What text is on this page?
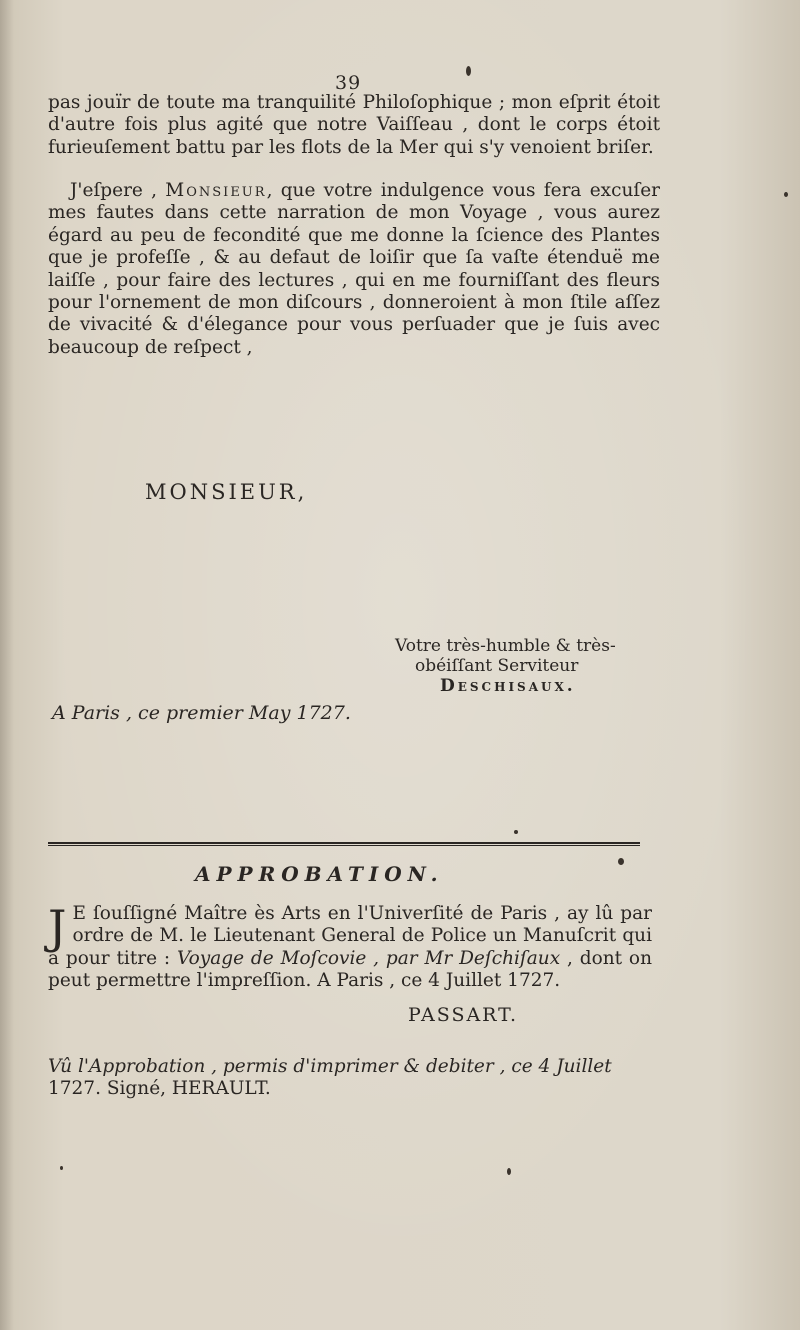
39

pas jouïr de toute ma tranquilité Philoſophique ; mon eſprit étoit d'autre fois plus agité que notre Vaiſſeau , dont le corps étoit furieuſement battu par les flots de la Mer qui s'y venoient briſer.

J'eſpere , Monsieur, que votre indulgence vous fera excuſer mes fautes dans cette narration de mon Voyage , vous aurez égard au peu de fecondité que me donne la ſcience des Plantes que je profeſſe , & au defaut de loiſir que ſa vaſte étenduë me laiſſe , pour faire des lectures , qui en me fourniſſant des fleurs pour l'ornement de mon diſcours , donneroient à mon ſtile aſſez de vivacité & d'élegance pour vous perſuader que je ſuis avec beaucoup de reſpect ,

MONSIEUR,
Votre très-humble & très-
obéiſſant Serviteur
Deschisaux.
A Paris , ce premier May 1727.
APPROBATION.
J E ſouſſigné Maître ès Arts en l'Univerſité de Paris , ay lû par ordre de M. le Lieutenant General de Police un Manuſcrit qui a pour titre : Voyage de Moſcovie , par Mr Deſchiſaux , dont on peut permettre l'impreſſion. A Paris , ce 4 Juillet 1727.
PASSART.
Vû l'Approbation , permis d'imprimer & debiter , ce 4 Juillet 1727. Signé, HERAULT.
